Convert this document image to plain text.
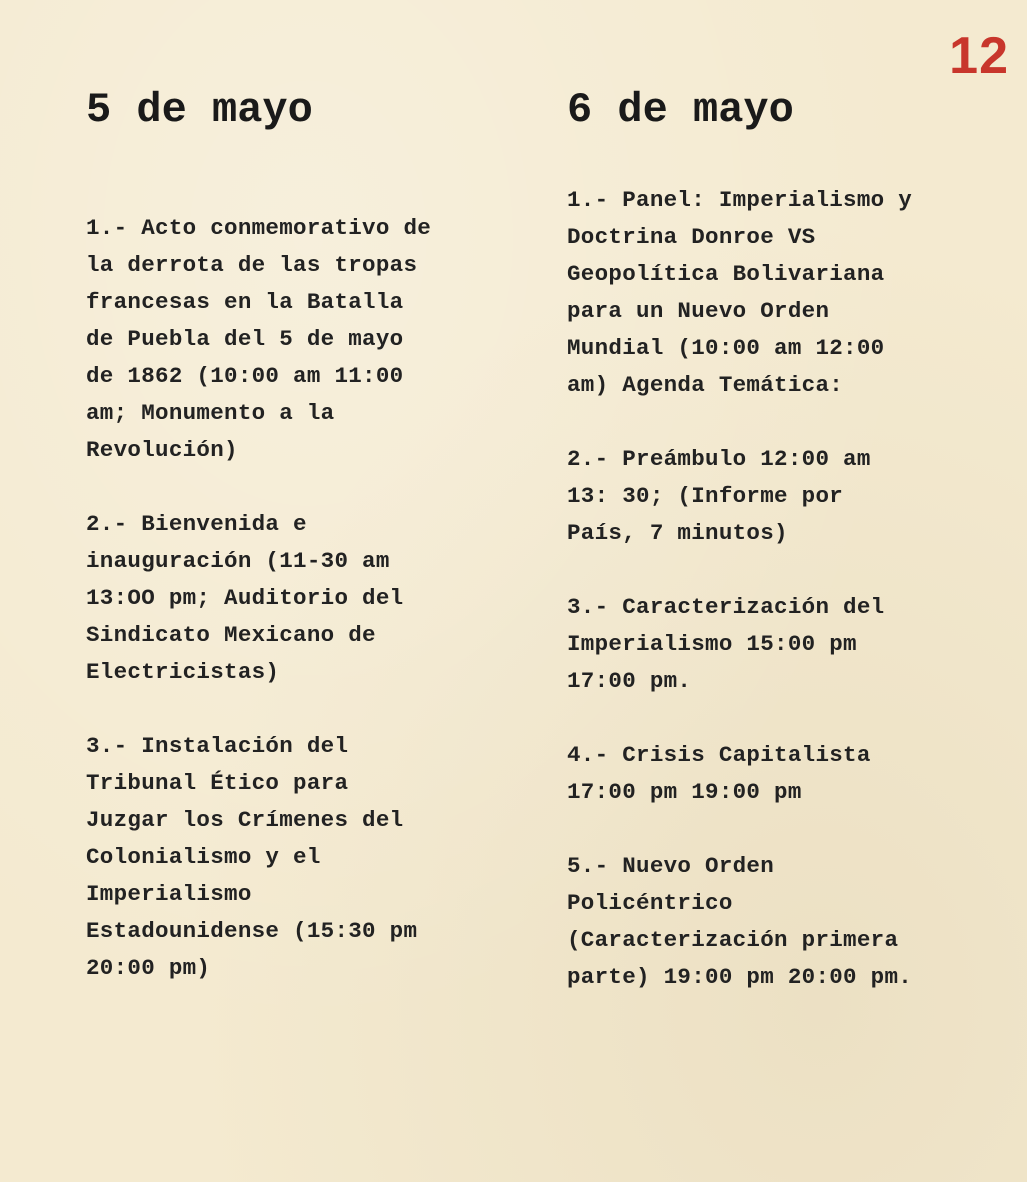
12
5 de mayo

1.- Acto conmemorativo de
la derrota de las tropas
francesas en la Batalla
de Puebla del 5 de mayo
de 1862 (10:00 am 11:00
am; Monumento a la
Revolución)

2.- Bienvenida e
inauguración (11-30 am
13:OO pm; Auditorio del
Sindicato Mexicano de
Electricistas)

3.- Instalación del
Tribunal Ético para
Juzgar los Crímenes del
Colonialismo y el
Imperialismo
Estadounidense (15:30 pm
20:00 pm)

6 de mayo

1.- Panel: Imperialismo y
Doctrina Donroe VS
Geopolítica Bolivariana
para un Nuevo Orden
Mundial (10:00 am 12:00
am) Agenda Temática:

2.- Preámbulo 12:00 am
13: 30; (Informe por
País, 7 minutos)

3.- Caracterización del
Imperialismo 15:00 pm
17:00 pm.

4.- Crisis Capitalista
17:00 pm 19:00 pm

5.- Nuevo Orden
Policéntrico
(Caracterización primera
parte) 19:00 pm 20:00 pm.
